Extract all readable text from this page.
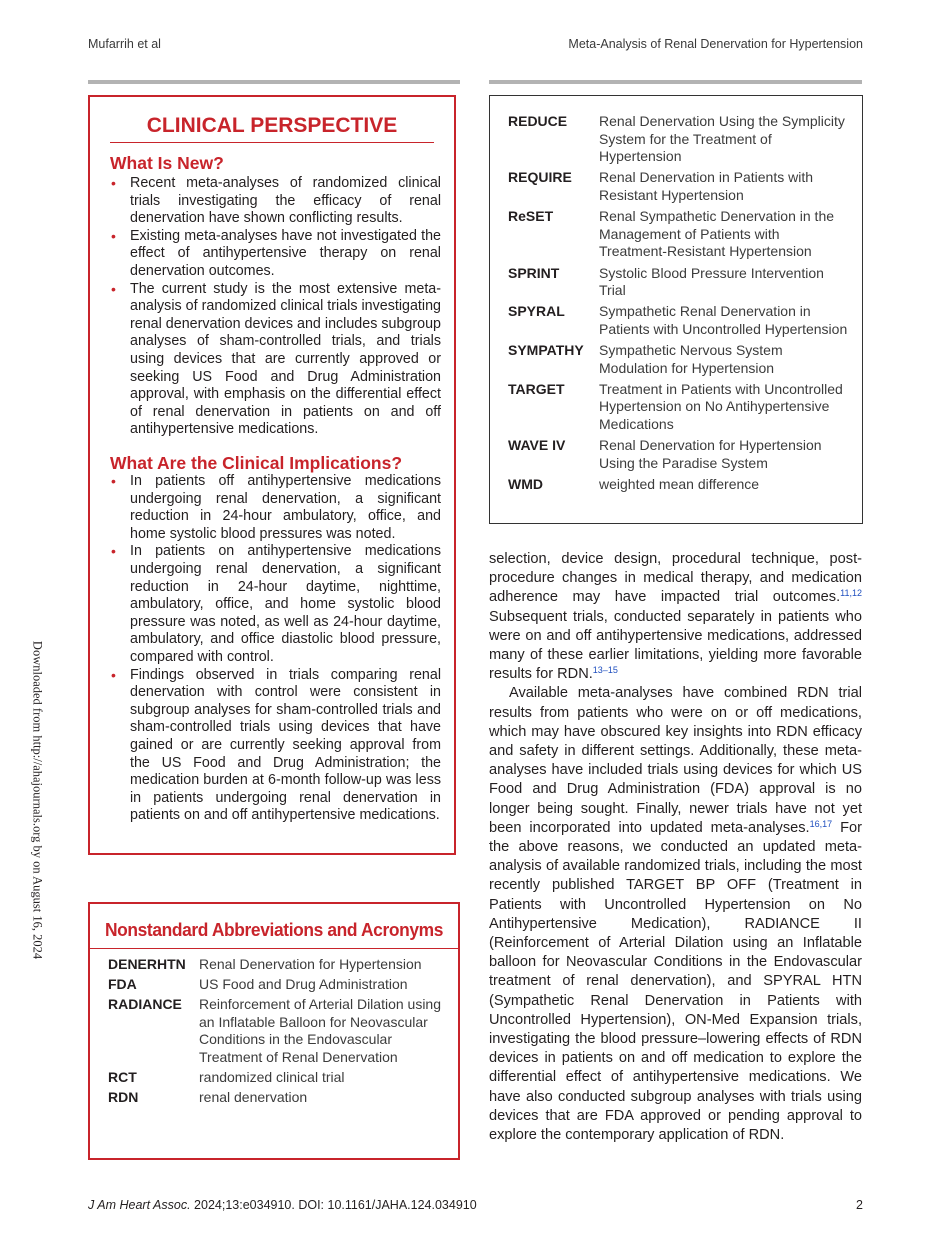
Mufarrih et al	Meta-Analysis of Renal Denervation for Hypertension
Downloaded from http://ahajournals.org by on August 16, 2024
CLINICAL PERSPECTIVE
What Is New?
• Recent meta-analyses of randomized clinical trials investigating the efficacy of renal denervation have shown conflicting results.
• Existing meta-analyses have not investigated the effect of antihypertensive therapy on renal denervation outcomes.
• The current study is the most extensive meta-analysis of randomized clinical trials investigating renal denervation devices and includes subgroup analyses of sham-controlled trials, and trials using devices that are currently approved or seeking US Food and Drug Administration approval, with emphasis on the differential effect of renal denervation in patients on and off antihypertensive medications.
What Are the Clinical Implications?
• In patients off antihypertensive medications undergoing renal denervation, a significant reduction in 24-hour ambulatory, office, and home systolic blood pressures was noted.
• In patients on antihypertensive medications undergoing renal denervation, a significant reduction in 24-hour daytime, nighttime, ambulatory, office, and home systolic blood pressure was noted, as well as 24-hour daytime, ambulatory, and office diastolic blood pressure, compared with control.
• Findings observed in trials comparing renal denervation with control were consistent in subgroup analyses for sham-controlled trials and sham-controlled trials using devices that have gained or are currently seeking approval from the US Food and Drug Administration; the medication burden at 6-month follow-up was less in patients undergoing renal denervation in patients on and off antihypertensive medications.
Nonstandard Abbreviations and Acronyms
DENERHTN	Renal Denervation for Hypertension
FDA	US Food and Drug Administration
RADIANCE	Reinforcement of Arterial Dilation using an Inflatable Balloon for Neovascular Conditions in the Endovascular Treatment of Renal Denervation
RCT	randomized clinical trial
RDN	renal denervation
REDUCE	Renal Denervation Using the Symplicity System for the Treatment of Hypertension
REQUIRE	Renal Denervation in Patients with Resistant Hypertension
ReSET	Renal Sympathetic Denervation in the Management of Patients with Treatment-Resistant Hypertension
SPRINT	Systolic Blood Pressure Intervention Trial
SPYRAL	Sympathetic Renal Denervation in Patients with Uncontrolled Hypertension
SYMPATHY	Sympathetic Nervous System Modulation for Hypertension
TARGET	Treatment in Patients with Uncontrolled Hypertension on No Antihypertensive Medications
WAVE IV	Renal Denervation for Hypertension Using the Paradise System
WMD	weighted mean difference

selection, device design, procedural technique, post-procedure changes in medical therapy, and medication adherence may have impacted trial outcomes.$^{11,12}$ Subsequent trials, conducted separately in patients who were on and off antihypertensive medications, addressed many of these earlier limitations, yielding more favorable results for RDN.$^{13-15}$

Available meta-analyses have combined RDN trial results from patients who were on or off medications, which may have obscured key insights into RDN efficacy and safety in different settings. Additionally, these meta-analyses have included trials using devices for which US Food and Drug Administration (FDA) approval is no longer being sought. Finally, newer trials have not yet been incorporated into updated meta-analyses.$^{16,17}$ For the above reasons, we conducted an updated meta-analysis of available randomized trials, including the most recently published TARGET BP OFF (Treatment in Patients with Uncontrolled Hypertension on No Antihypertensive Medication), RADIANCE II (Reinforcement of Arterial Dilation using an Inflatable balloon for Neovascular Conditions in the Endovascular treatment of renal denervation), and SPYRAL HTN (Sympathetic Renal Denervation in Patients with Uncontrolled Hypertension), ON-Med Expansion trials, investigating the blood pressure–lowering effects of RDN devices in patients on and off medication to explore the differential effect of antihypertensive medications. We have also conducted subgroup analyses with trials using devices that are FDA approved or pending approval to explore the contemporary application of RDN.

J Am Heart Assoc. 2024;13:e034910. DOI: 10.1161/JAHA.124.034910	2
